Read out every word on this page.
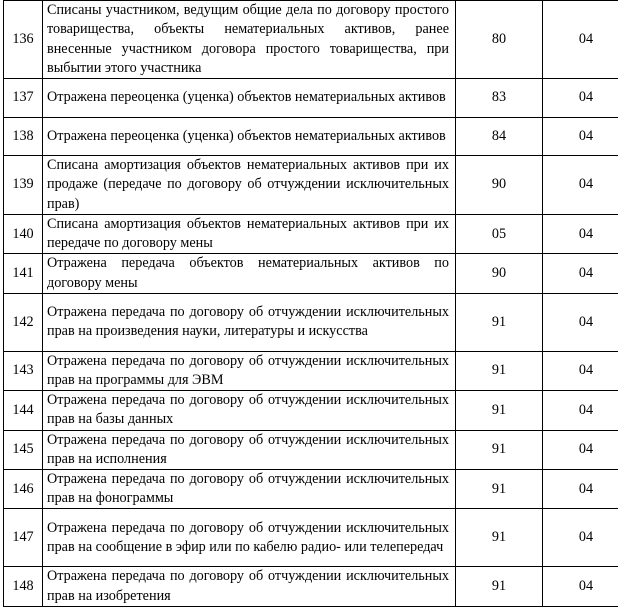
136	Списаны участником, ведущим общие дела по договору простого товарищества, объекты нематериальных активов, ранее внесенные участником договора простого товарищества, при выбытии этого участника	80	04
137	Отражена переоценка (уценка) объектов нематериальных активов	83	04
138	Отражена переоценка (уценка) объектов нематериальных активов	84	04
139	Списана амортизация объектов нематериальных активов при их продаже (передаче по договору об отчуждении исключительных прав)	90	04
140	Списана амортизация объектов нематериальных активов при их передаче по договору мены	05	04
141	Отражена передача объектов нематериальных активов по договору мены	90	04
142	Отражена передача по договору об отчуждении исключительных прав на произведения науки, литературы и искусства	91	04
143	Отражена передача по договору об отчуждении исключительных прав на программы для ЭВМ	91	04
144	Отражена передача по договору об отчуждении исключительных прав на базы данных	91	04
145	Отражена передача по договору об отчуждении исключительных прав на исполнения	91	04
146	Отражена передача по договору об отчуждении исключительных прав на фонограммы	91	04
147	Отражена передача по договору об отчуждении исключительных прав на сообщение в эфир или по кабелю радио- или телепередач	91	04
148	Отражена передача по договору об отчуждении исключительных прав на изобретения	91	04
